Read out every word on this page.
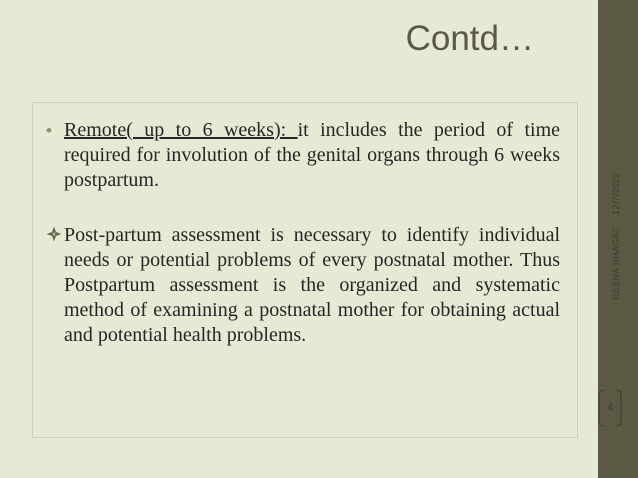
Contd…

• Remote( up to 6 weeks): it includes the period of time required for involution of the genital organs through 6 weeks postpartum.

Post-partum assessment is necessary to identify individual needs or potential problems of every postnatal mother. Thus Postpartum assessment is the organized and systematic method of examining a postnatal mother for obtaining actual and potential health problems.

12/7/2022
REENA BHAGAT
4
